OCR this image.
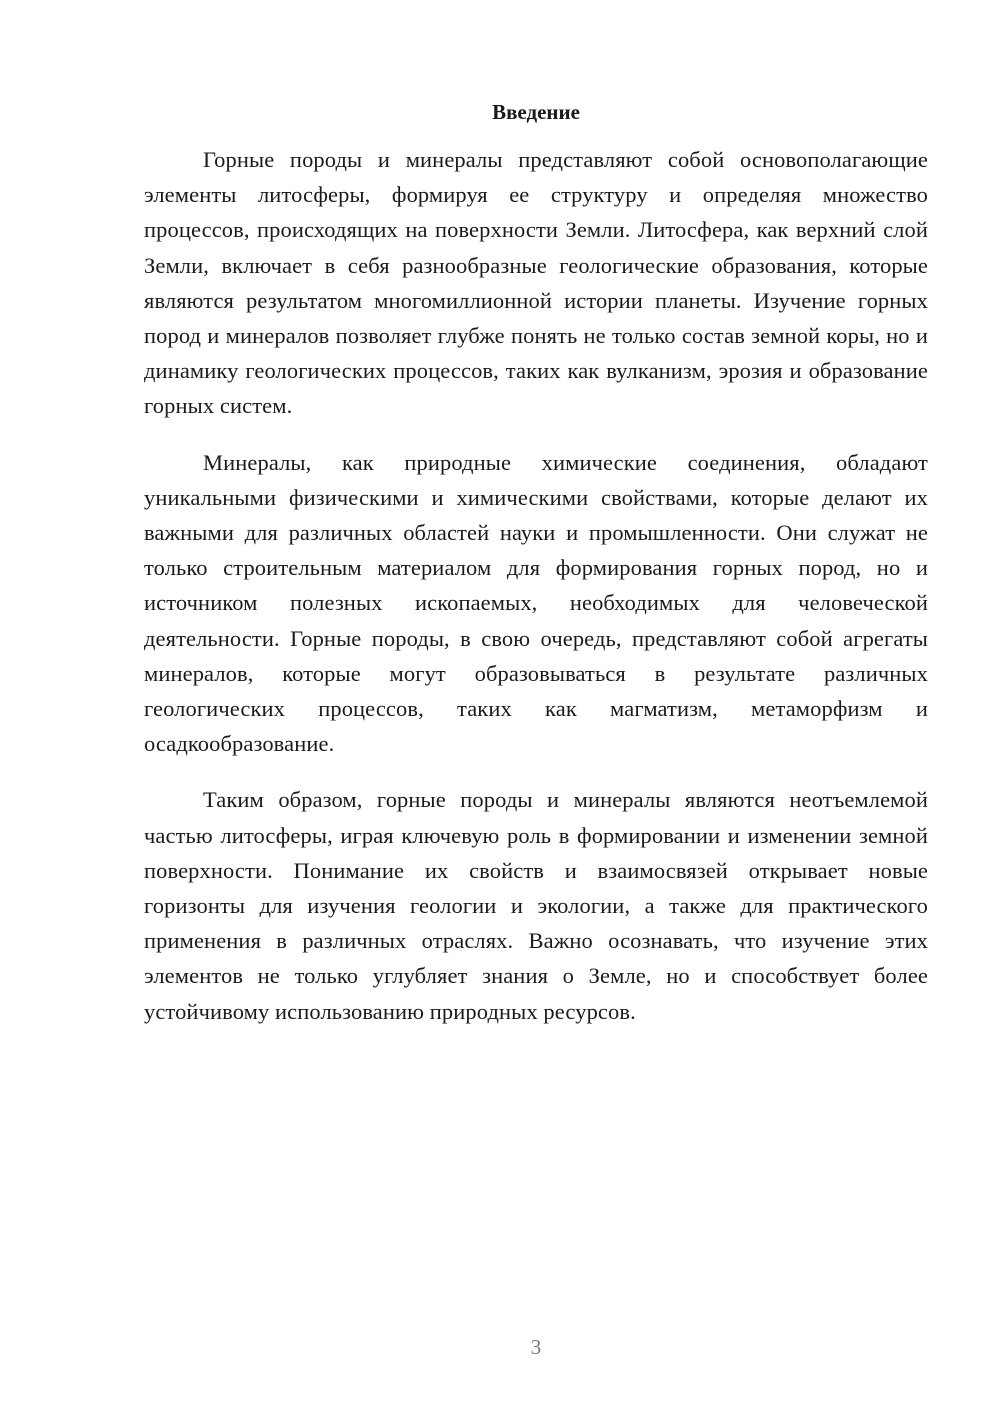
Введение

Горные породы и минералы представляют собой основополагающие элементы литосферы, формируя ее структуру и определяя множество процессов, происходящих на поверхности Земли. Литосфера, как верхний слой Земли, включает в себя разнообразные геологические образования, которые являются результатом многомиллионной истории планеты. Изучение горных пород и минералов позволяет глубже понять не только состав земной коры, но и динамику геологических процессов, таких как вулканизм, эрозия и образование горных систем.

Минералы, как природные химические соединения, обладают уникальными физическими и химическими свойствами, которые делают их важными для различных областей науки и промышленности. Они служат не только строительным материалом для формирования горных пород, но и источником полезных ископаемых, необходимых для человеческой деятельности. Горные породы, в свою очередь, представляют собой агрегаты минералов, которые могут образовываться в результате различных геологических процессов, таких как магматизм, метаморфизм и осадкообразование.

Таким образом, горные породы и минералы являются неотъемлемой частью литосферы, играя ключевую роль в формировании и изменении земной поверхности. Понимание их свойств и взаимосвязей открывает новые горизонты для изучения геологии и экологии, а также для практического применения в различных отраслях. Важно осознавать, что изучение этих элементов не только углубляет знания о Земле, но и способствует более устойчивому использованию природных ресурсов.

3
